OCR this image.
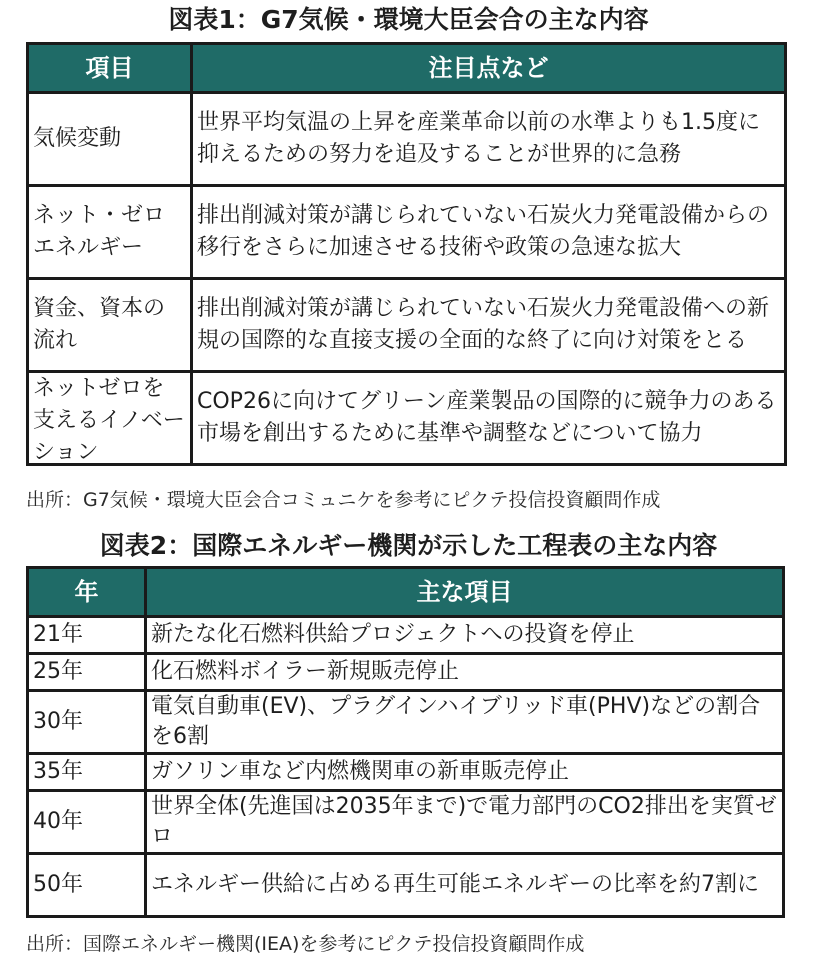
図表1：G7気候・環境大臣会合の主な内容
項目	注目点など

気候変動	世界平均気温の上昇を産業革命以前の水準よりも1.5度に抑えるための努力を追及することが世界的に急務

ネット・ゼロエネルギー	排出削減対策が講じられていない石炭火力発電設備からの移行をさらに加速させる技術や政策の急速な拡大

資金、資本の流れ	排出削減対策が講じられていない石炭火力発電設備への新規の国際的な直接支援の全面的な終了に向け対策をとる

ネットゼロを支えるイノベーション	COP26に向けてグリーン産業製品の国際的に競争力のある市場を創出するために基準や調整などについて協力
出所：G7気候・環境大臣会合コミュニケを参考にピクテ投信投資顧問作成
図表2：国際エネルギー機関が示した工程表の主な内容
年	主な項目

21年	新たな化石燃料供給プロジェクトへの投資を停止

25年	化石燃料ボイラー新規販売停止

30年	電気自動車(EV)、プラグインハイブリッド車(PHV)などの割合を6割

35年	ガソリン車など内燃機関車の新車販売停止

40年	世界全体(先進国は2035年まで)で電力部門のCO2排出を実質ゼロ

50年	エネルギー供給に占める再生可能エネルギーの比率を約7割に
出所：国際エネルギー機関(IEA)を参考にピクテ投信投資顧問作成
